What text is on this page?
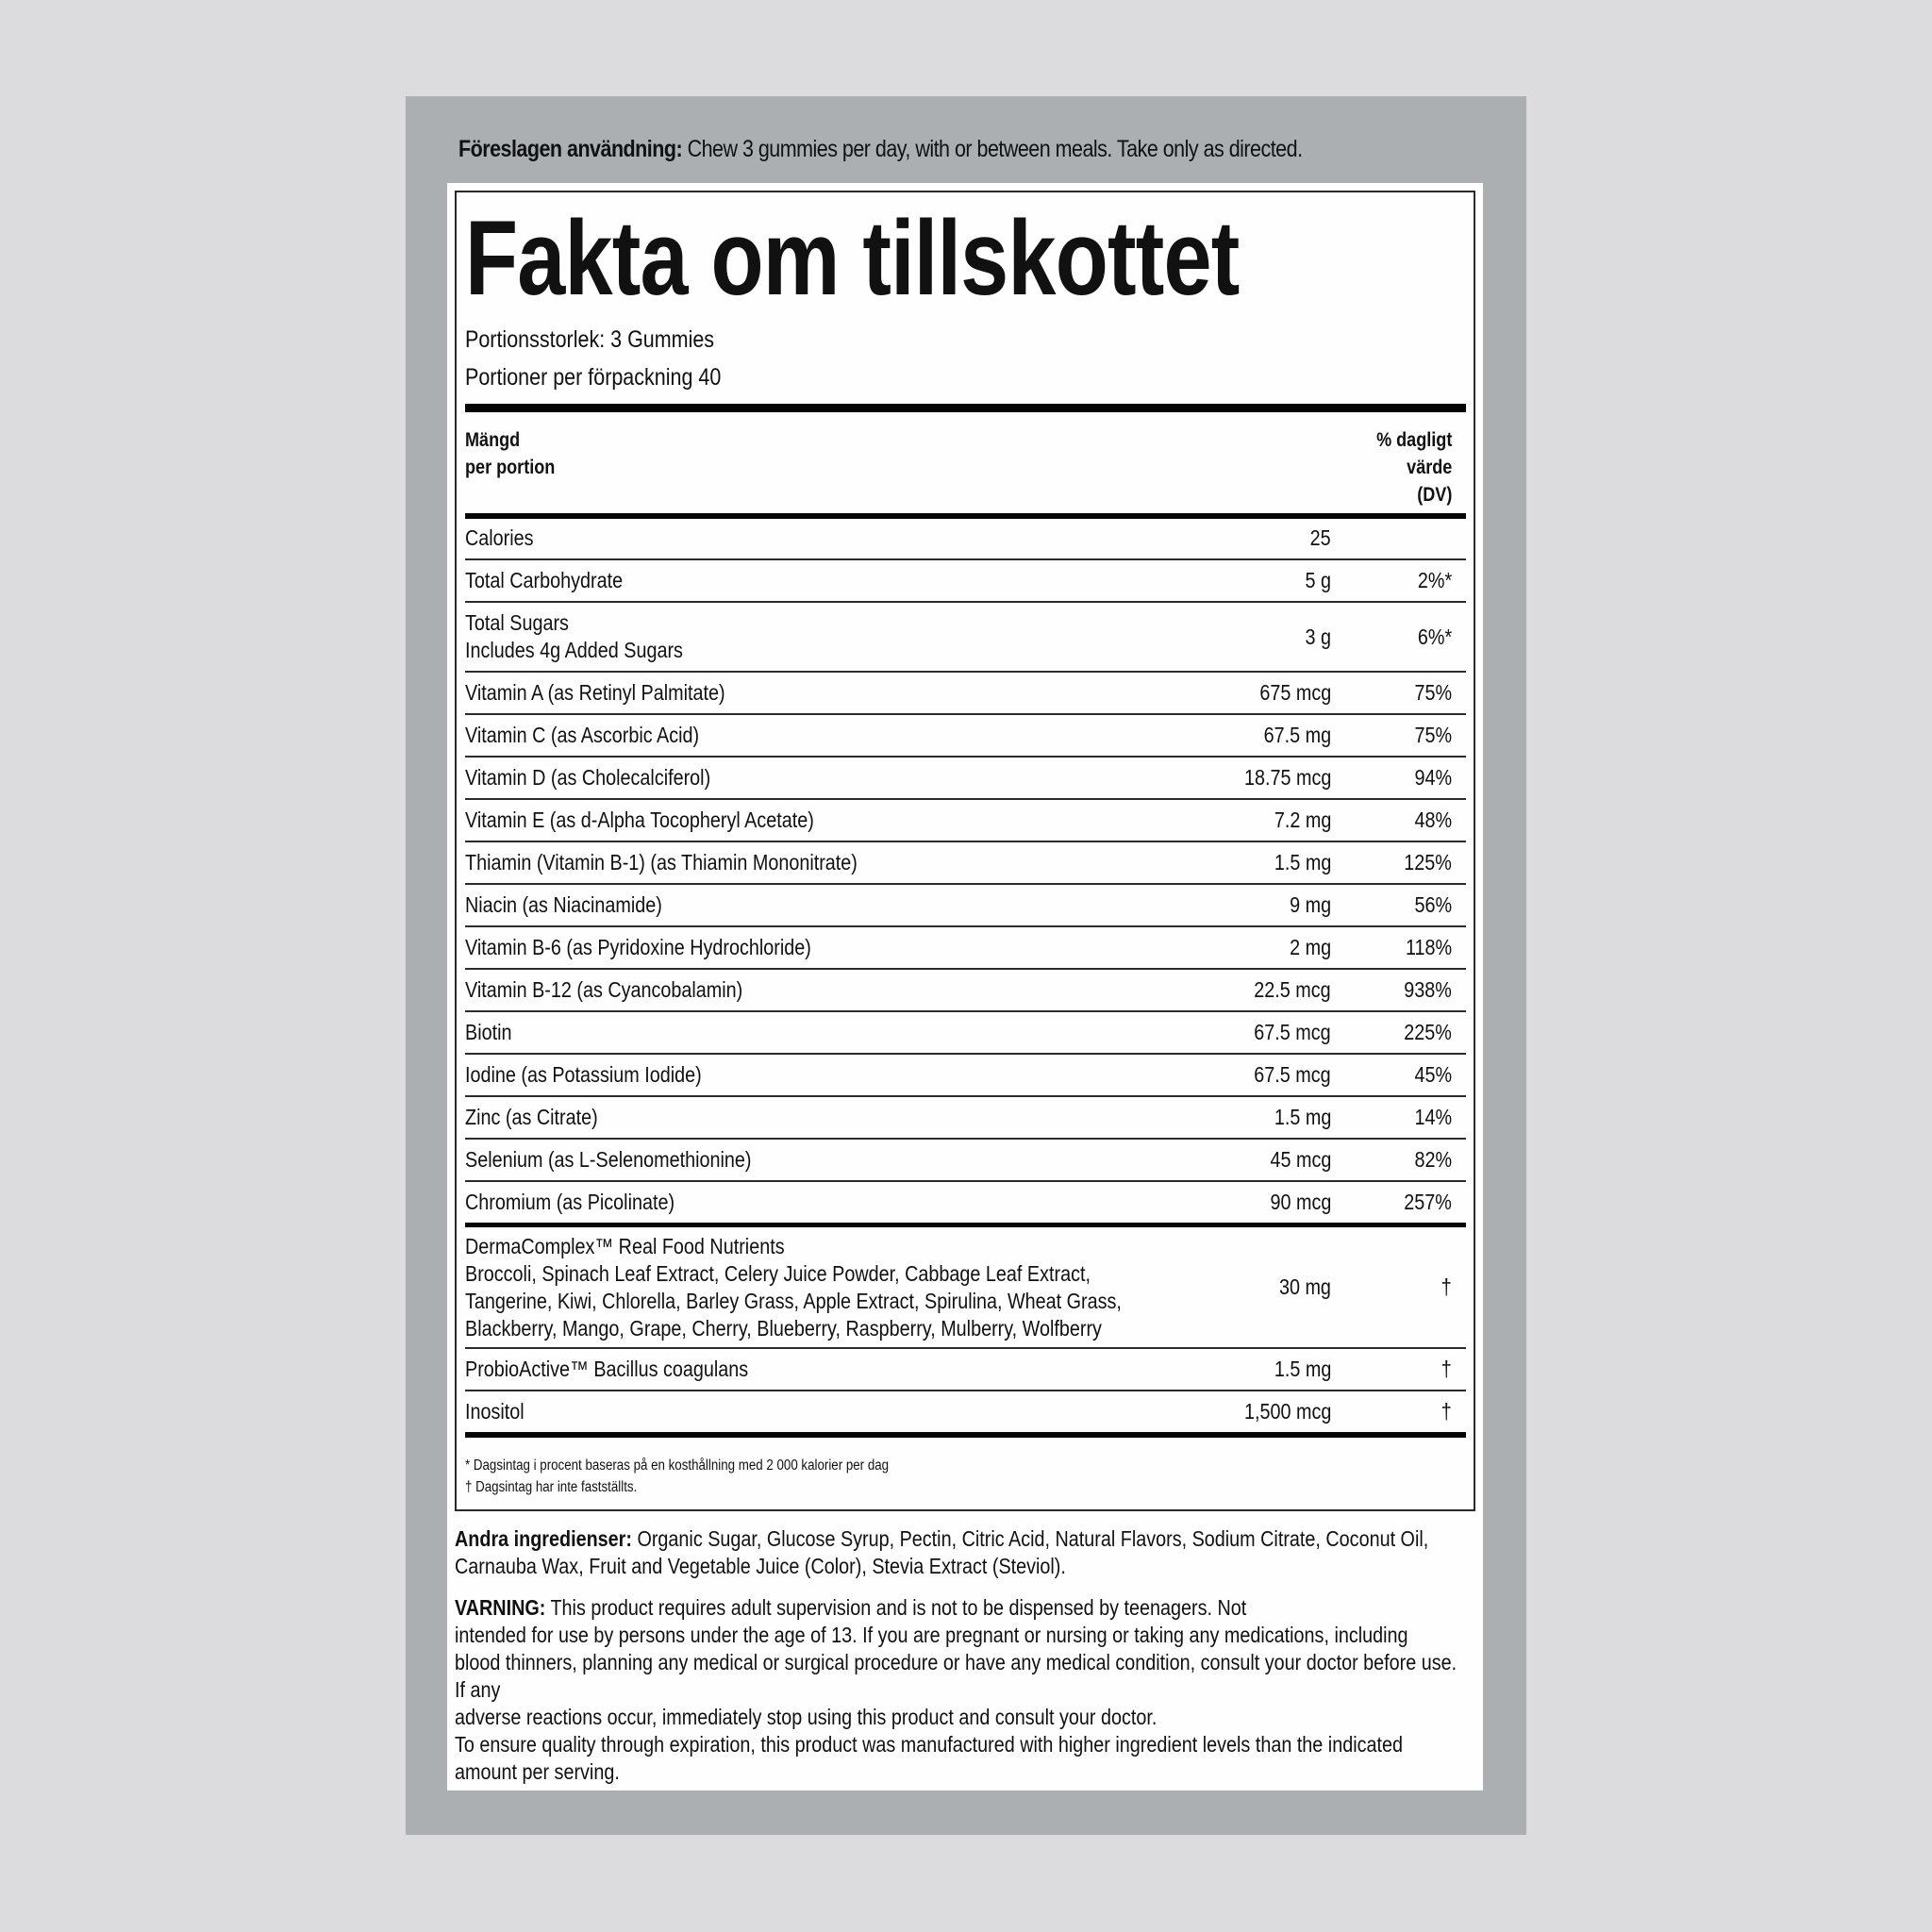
Föreslagen användning: Chew 3 gummies per day, with or between meals. Take only as directed.
Fakta om tillskottet
Portionsstorlek: 3 Gummies
Portioner per förpackning 40
Mängd
per portion
% dagligt
värde
(DV)
Calories	25
Total Carbohydrate	5 g	2%*
Total Sugars
Includes 4g Added Sugars
3 g	6%*
Vitamin A (as Retinyl Palmitate)	675 mcg	75%
Vitamin C (as Ascorbic Acid)	67.5 mg	75%
Vitamin D (as Cholecalciferol)	18.75 mcg	94%
Vitamin E (as d-Alpha Tocopheryl Acetate)	7.2 mg	48%
Thiamin (Vitamin B-1) (as Thiamin Mononitrate)	1.5 mg	125%
Niacin (as Niacinamide)	9 mg	56%
Vitamin B-6 (as Pyridoxine Hydrochloride)	2 mg	118%
Vitamin B-12 (as Cyancobalamin)	22.5 mcg	938%
Biotin	67.5 mcg	225%
Iodine (as Potassium Iodide)	67.5 mcg	45%
Zinc (as Citrate)	1.5 mg	14%
Selenium (as L-Selenomethionine)	45 mcg	82%
Chromium (as Picolinate)	90 mcg	257%
DermaComplex™ Real Food Nutrients
Broccoli, Spinach Leaf Extract, Celery Juice Powder, Cabbage Leaf Extract,
Tangerine, Kiwi, Chlorella, Barley Grass, Apple Extract, Spirulina, Wheat Grass,
Blackberry, Mango, Grape, Cherry, Blueberry, Raspberry, Mulberry, Wolfberry
30 mg	†
ProbioActive™ Bacillus coagulans	1.5 mg	†
Inositol	1,500 mcg	†
* Dagsintag i procent baseras på en kosthållning med 2 000 kalorier per dag
† Dagsintag har inte fastställts.
Andra ingredienser: Organic Sugar, Glucose Syrup, Pectin, Citric Acid, Natural Flavors, Sodium Citrate, Coconut Oil,
Carnauba Wax, Fruit and Vegetable Juice (Color), Stevia Extract (Steviol).
VARNING: This product requires adult supervision and is not to be dispensed by teenagers. Not
intended for use by persons under the age of 13. If you are pregnant or nursing or taking any medications, including
blood thinners, planning any medical or surgical procedure or have any medical condition, consult your doctor before use.
If any
adverse reactions occur, immediately stop using this product and consult your doctor.
To ensure quality through expiration, this product was manufactured with higher ingredient levels than the indicated
amount per serving.
